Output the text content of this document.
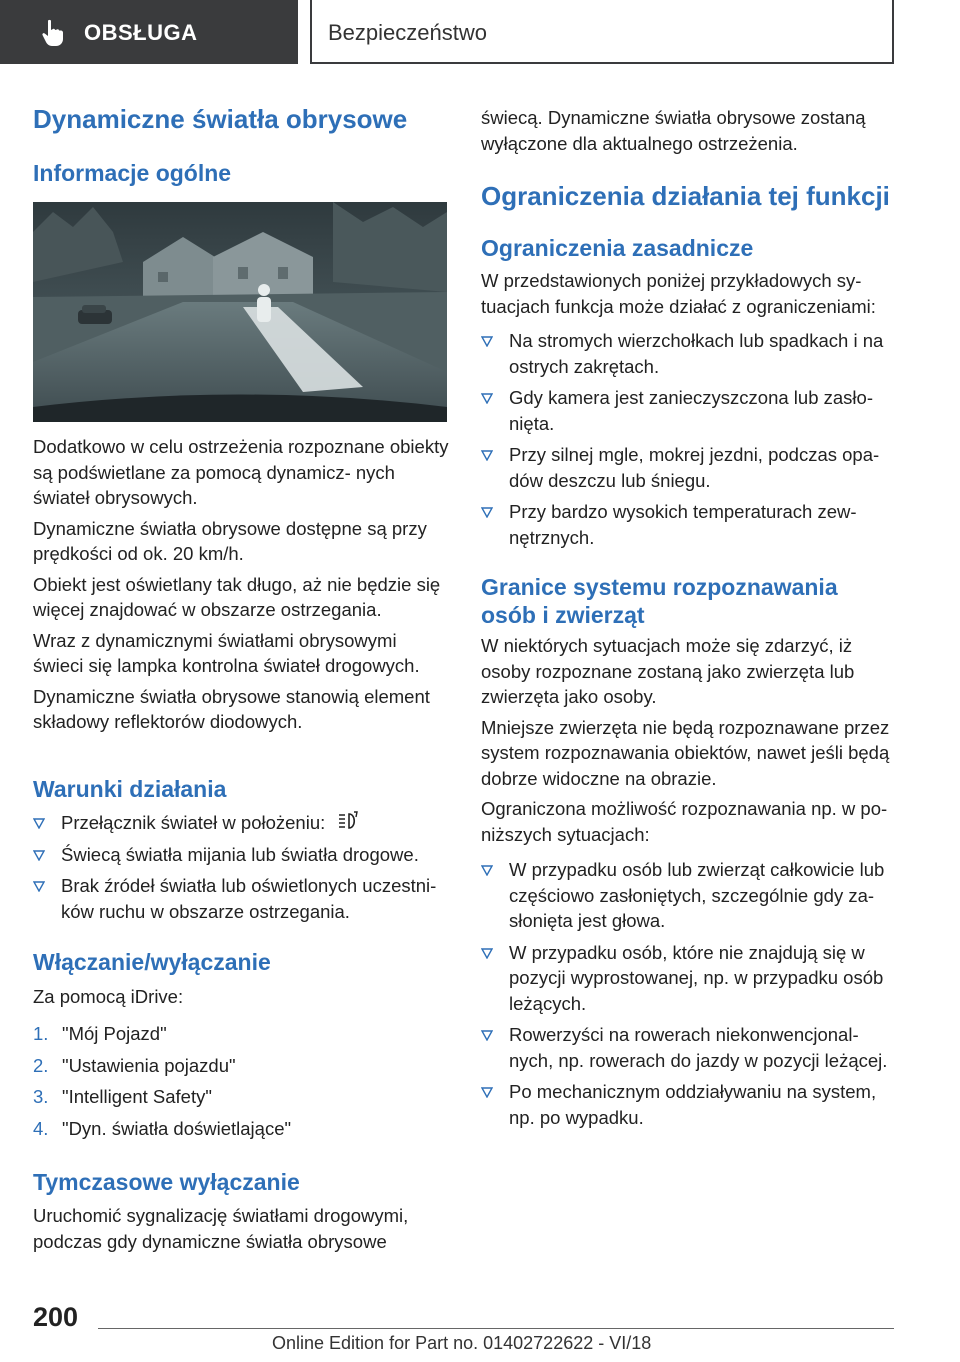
OBSŁUGA	Bezpieczeństwo
Dynamiczne światła obrysowe
Informacje ogólne

Dodatkowo w celu ostrzeżenia rozpoznane obiekty są podświetlane za pomocą dynamicz‐ nych świateł obrysowych.

Dynamiczne światła obrysowe dostępne są przy prędkości od ok. 20 km/h.

Obiekt jest oświetlany tak długo, aż nie będzie się więcej znajdować w obszarze ostrzegania.

Wraz z dynamicznymi światłami obrysowymi świeci się lampka kontrolna świateł drogowych.

Dynamiczne światła obrysowe stanowią element składowy reflektorów diodowych.

Warunki działania
Przełącznik świateł w położeniu:
Świecą światła mijania lub światła drogowe.
Brak źródeł światła lub oświetlonych uczestni‐ ków ruchu w obszarze ostrzegania.
Włączanie/wyłączanie

Za pomocą iDrive:

1. "Mój Pojazd"
2. "Ustawienia pojazdu"
3. "Intelligent Safety"
4. "Dyn. światła doświetlające"
Tymczasowe wyłączanie

Uruchomić sygnalizację światłami drogowymi, podczas gdy dynamiczne światła obrysowe

świecą. Dynamiczne światła obrysowe zostaną wyłączone dla aktualnego ostrzeżenia.

Ograniczenia działania tej funkcji
Ograniczenia zasadnicze

W przedstawionych poniżej przykładowych sy‐ tuacjach funkcja może działać z ograniczeniami:

Na stromych wierzchołkach lub spadkach i na ostrych zakrętach.
Gdy kamera jest zanieczyszczona lub zasło‐ nięta.
Przy silnej mgle, mokrej jezdni, podczas opa‐ dów deszczu lub śniegu.
Przy bardzo wysokich temperaturach zew‐ nętrznych.
Granice systemu rozpoznawania osób i zwierząt

W niektórych sytuacjach może się zdarzyć, iż osoby rozpoznane zostaną jako zwierzęta lub zwierzęta jako osoby.

Mniejsze zwierzęta nie będą rozpoznawane przez system rozpoznawania obiektów, nawet jeśli będą dobrze widoczne na obrazie.

Ograniczona możliwość rozpoznawania np. w po‐ niższych sytuacjach:

W przypadku osób lub zwierząt całkowicie lub częściowo zasłoniętych, szczególnie gdy za‐ słonięta jest głowa.
W przypadku osób, które nie znajdują się w pozycji wyprostowanej, np. w przypadku osób leżących.
Rowerzyści na rowerach niekonwencjonal‐ nych, np. rowerach do jazdy w pozycji leżącej.
Po mechanicznym oddziaływaniu na system, np. po wypadku.
200
Online Edition for Part no. 01402722622 - VI/18
